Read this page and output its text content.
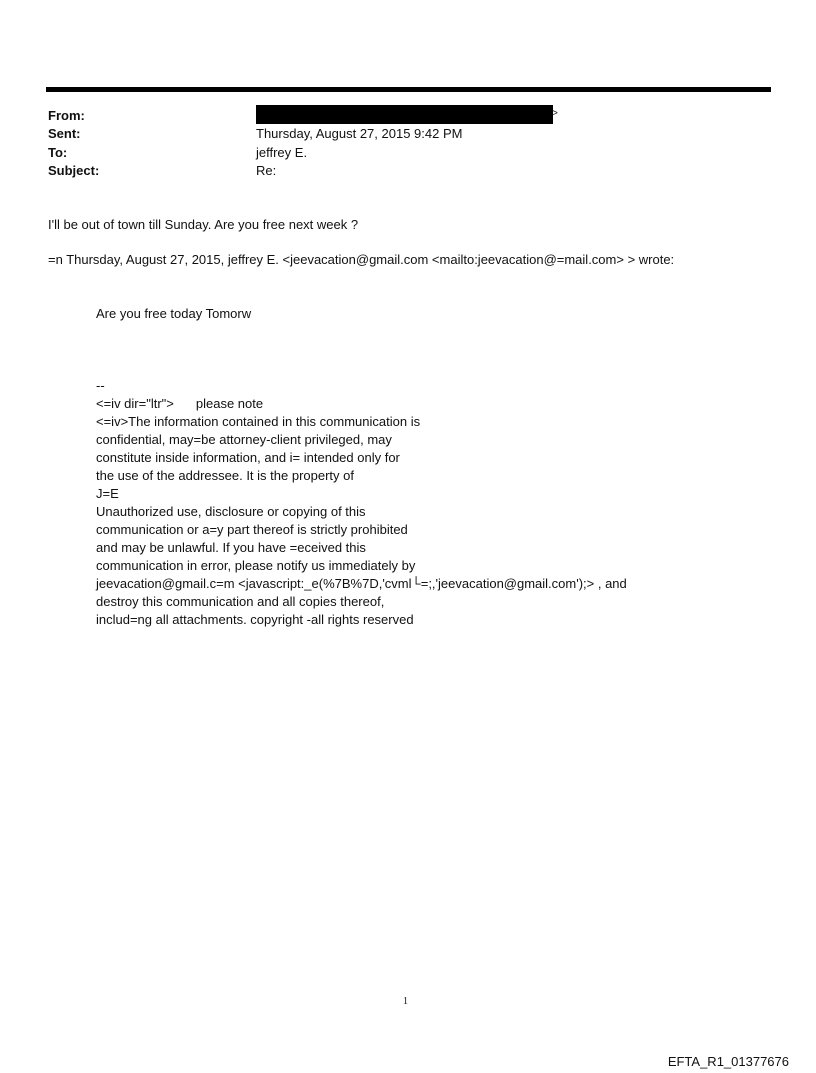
From:	>
Sent:	Thursday, August 27, 2015 9:42 PM
To:	jeffrey E.
Subject:	Re:
I'll be out of town till Sunday. Are you free next week ?
=n Thursday, August 27, 2015, jeffrey E. <jeevacation@gmail.com <mailto:jeevacation@=mail.com> > wrote:
Are you free today Tomorw
--
<=iv dir="ltr"> please note
<=iv>The information contained in this communication is
confidential, may=be attorney-client privileged, may
constitute inside information, and i= intended only for
the use of the addressee. It is the property of
J=E
Unauthorized use, disclosure or copying of this
communication or a=y part thereof is strictly prohibited
and may be unlawful. If you have =eceived this
communication in error, please notify us immediately by
jeevacation@gmail.c=m <javascript:_e(%7B%7D,'cvml└=;,'jeevacation@gmail.com');> , and
destroy this communication and all copies thereof,
includ=ng all attachments. copyright -all rights reserved
1
EFTA_R1_01377676
